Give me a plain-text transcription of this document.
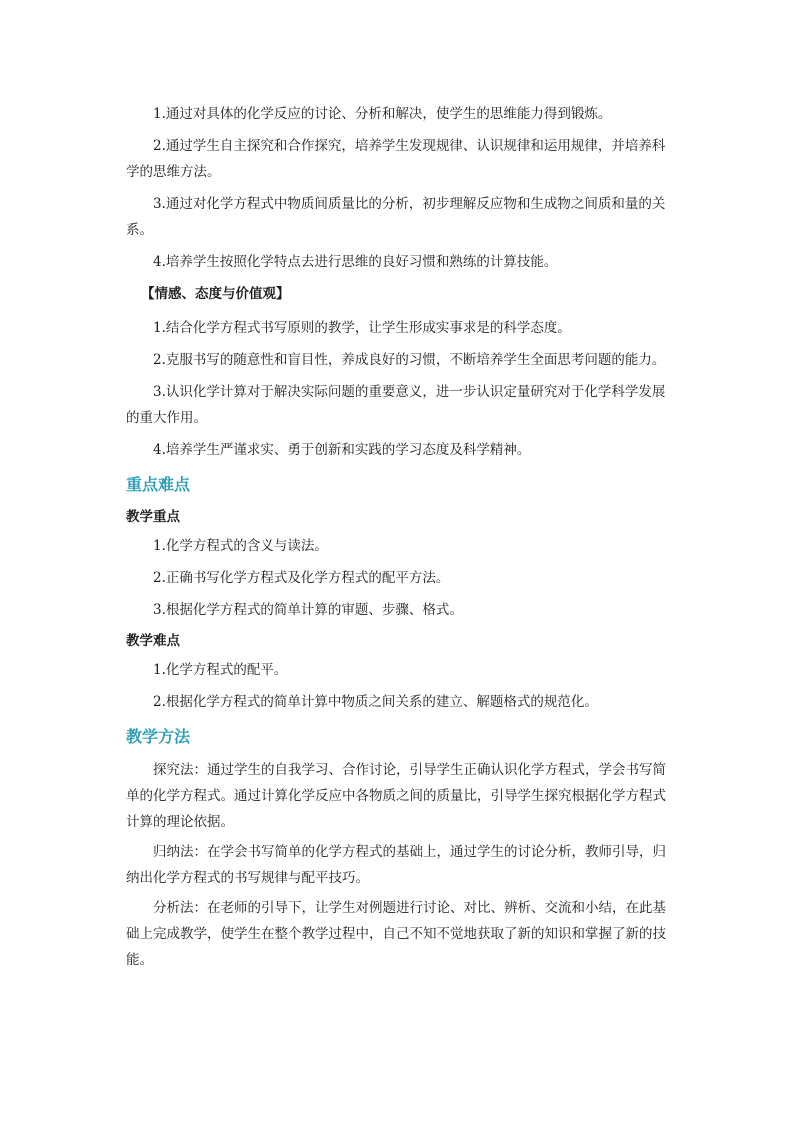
1.通过对具体的化学反应的讨论、分析和解决，使学生的思维能力得到锻炼。

2.通过学生自主探究和合作探究，培养学生发现规律、认识规律和运用规律，并培养科学的思维方法。

3.通过对化学方程式中物质间质量比的分析，初步理解反应物和生成物之间质和量的关系。

4.培养学生按照化学特点去进行思维的良好习惯和熟练的计算技能。

【情感、态度与价值观】

1.结合化学方程式书写原则的教学，让学生形成实事求是的科学态度。

2.克服书写的随意性和盲目性，养成良好的习惯，不断培养学生全面思考问题的能力。

3.认识化学计算对于解决实际问题的重要意义，进一步认识定量研究对于化学科学发展的重大作用。

4.培养学生严谨求实、勇于创新和实践的学习态度及科学精神。

重点难点

教学重点

1.化学方程式的含义与读法。

2.正确书写化学方程式及化学方程式的配平方法。

3.根据化学方程式的简单计算的审题、步骤、格式。

教学难点

1.化学方程式的配平。

2.根据化学方程式的简单计算中物质之间关系的建立、解题格式的规范化。

教学方法

探究法：通过学生的自我学习、合作讨论，引导学生正确认识化学方程式，学会书写简单的化学方程式。通过计算化学反应中各物质之间的质量比，引导学生探究根据化学方程式计算的理论依据。

归纳法：在学会书写简单的化学方程式的基础上，通过学生的讨论分析，教师引导，归纳出化学方程式的书写规律与配平技巧。

分析法：在老师的引导下，让学生对例题进行讨论、对比、辨析、交流和小结，在此基础上完成教学，使学生在整个教学过程中，自己不知不觉地获取了新的知识和掌握了新的技能。
